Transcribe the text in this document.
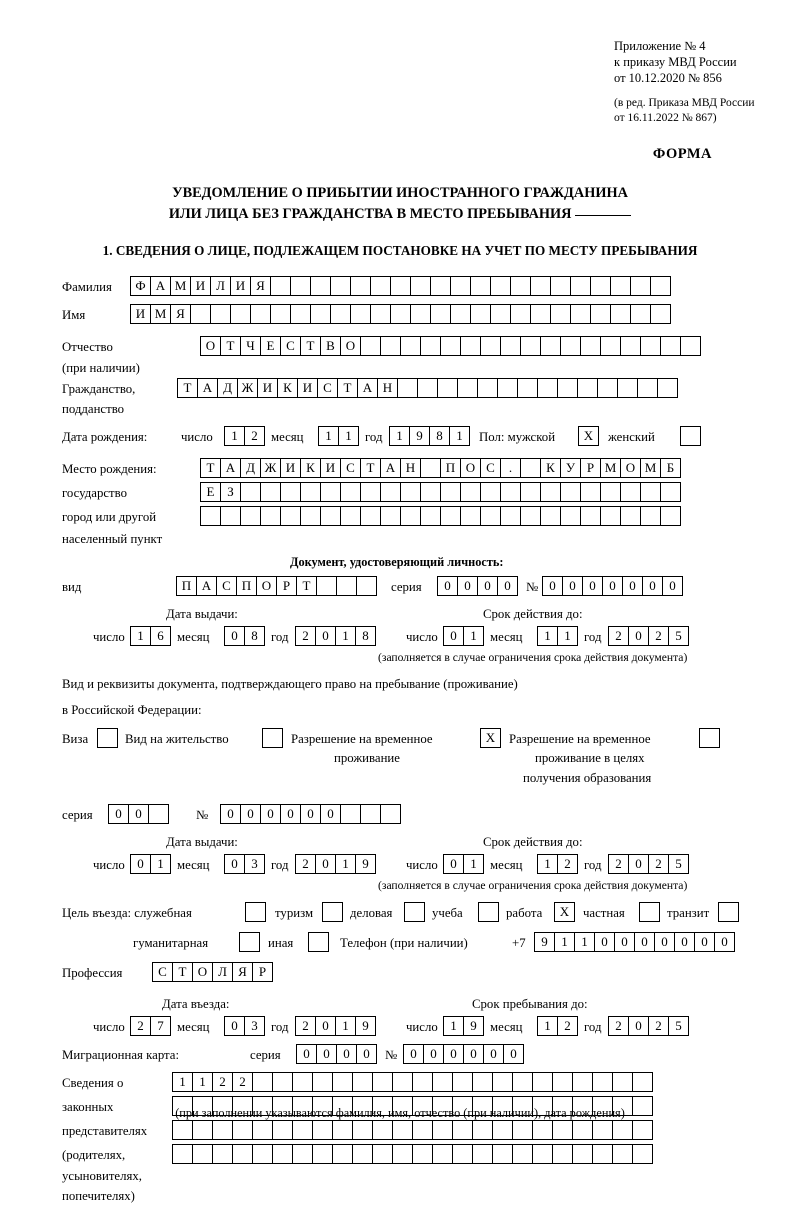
Приложение № 4
к приказу МВД России
от 10.12.2020 № 856
(в ред. Приказа МВД России
от 16.11.2022 № 867)
ФОРМА
УВЕДОМЛЕНИЕ О ПРИБЫТИИ ИНОСТРАННОГО ГРАЖДАНИНА
ИЛИ ЛИЦА БЕЗ ГРАЖДАНСТВА В МЕСТО ПРЕБЫВАНИЯ
1. СВЕДЕНИЯ О ЛИЦЕ, ПОДЛЕЖАЩЕМ ПОСТАНОВКЕ НА УЧЕТ ПО МЕСТУ ПРЕБЫВАНИЯ
Фамилия	Ф А М И Л И Я
Имя	И М Я
Отчество	О Т Ч Е С Т В О
(при наличии)
Гражданство,	Т А Д Ж И К И С Т А Н
подданство
Дата рождения:	число	1	2	месяц	1	1	год	1	9	8	1	Пол: мужской	X	женский
Место рождения:	Т А Д Ж И К И С Т А Н	П О С	.	К У Р М О М Б
государство	Е З
город или другой
населенный пункт
Документ, удостоверяющий личность:
вид	П А С П О Р Т	серия	0	0	0	0	№ 0	0	0	0	0	0	0
Дата выдачи:	Срок действия до:
число 1	6	месяц	0	8	год	2	0	1	8	число 0	1	месяц	1	1	год	2	0	2	5
(заполняется в случае ограничения срока действия документа)
Вид и реквизиты документа, подтверждающего право на пребывание (проживание)
в Российской Федерации:
Виза	Вид на жительство	Разрешение на временное	X	Разрешение на временное
проживание	проживание в целях
получения образования
серия	0	0	№	0	0	0	0	0	0
Дата выдачи:	Срок действия до:
число 0	1	месяц	0	3	год	2	0	1	9	число 0	1	месяц	1	2	год	2	0	2	5
(заполняется в случае ограничения срока действия документа)
Цель въезда: служебная	туризм	деловая	учеба	работа	X	частная	транзит
гуманитарная	иная	Телефон (при наличии)	+7	9	1	1	0	0	0	0	0	0	0
Профессия	С Т О Л Я Р
Дата въезда:	Срок пребывания до:
число 2	7	месяц	0	3	год	2	0	1	9	число 1	9	месяц	1	2	год	2	0	2	5
Миграционная карта:	серия	0	0	0	0	№	0	0	0	0	0	0
Сведения о	1	1	2	2
законных
представителях
(родителях,
усыновителях,
попечителях)
(при заполнении указываются фамилия, имя, отчество (при наличии), дата рождения)
